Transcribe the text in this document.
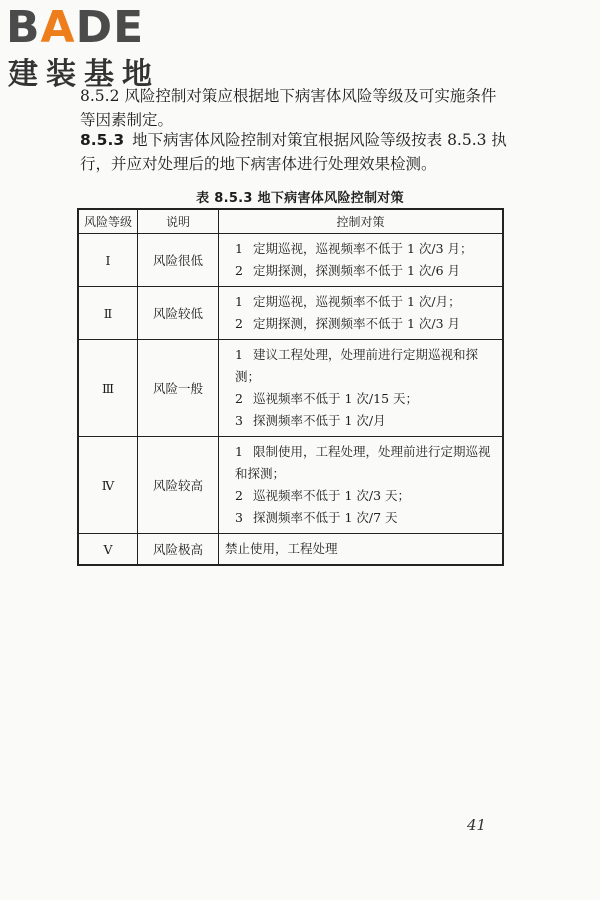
BADE
建装基地
8.5.2 风险控制对策应根据地下病害体风险等级及可实施条件
等因素制定。
8.5.3 地下病害体风险控制对策宜根据风险等级按表 8.5.3 执
行，并应对处理后的地下病害体进行处理效果检测。
表 8.5.3 地下病害体风险控制对策
风险等级	说明	控制对策
Ⅰ	风险很低	1 定期巡视，巡视频率不低于 1 次/3 月；
2 定期探测，探测频率不低于 1 次/6 月

Ⅱ	风险较低	1 定期巡视，巡视频率不低于 1 次/月；
2 定期探测，探测频率不低于 1 次/3 月

Ⅲ	风险一般	1 建议工程处理，处理前进行定期巡视和探测；
2 巡视频率不低于 1 次/15 天；
3 探测频率不低于 1 次/月

Ⅳ	风险较高	1 限制使用，工程处理，处理前进行定期巡视和探测；
2 巡视频率不低于 1 次/3 天；
3 探测频率不低于 1 次/7 天

Ⅴ	风险极高	禁止使用，工程处理
41
